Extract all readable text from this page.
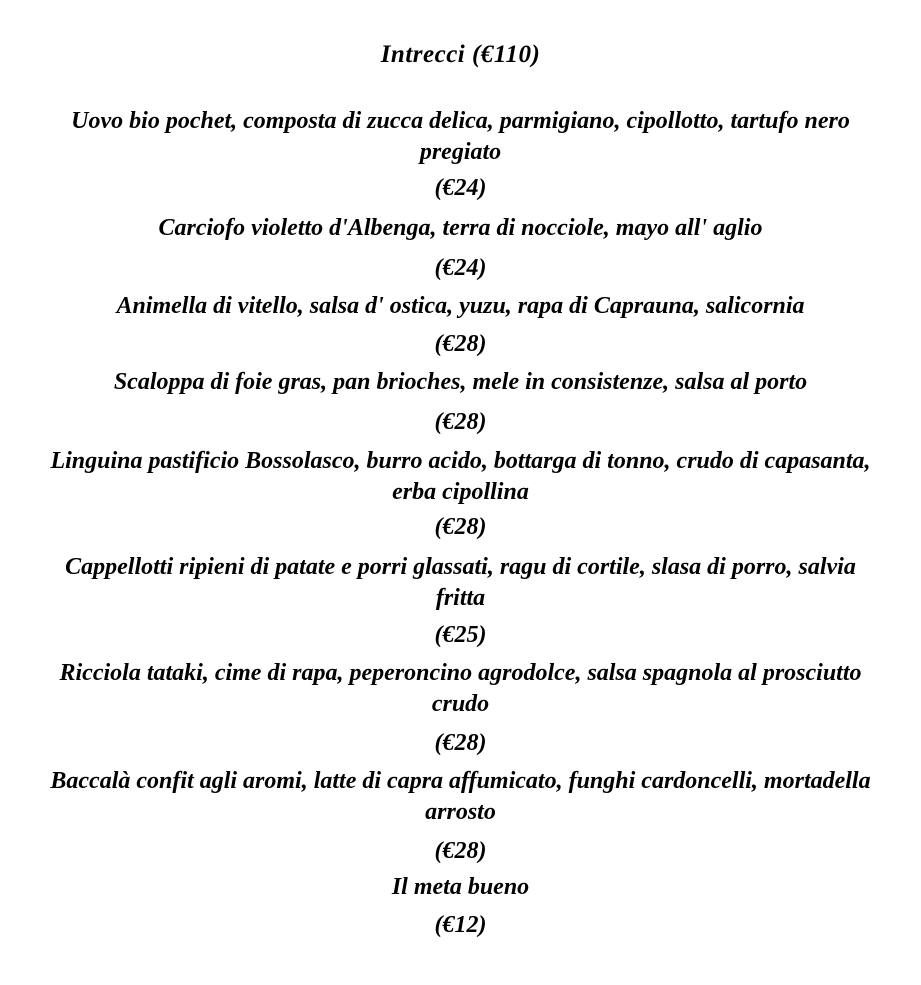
Intrecci (€110)
Uovo bio pochet, composta di zucca delica, parmigiano, cipollotto, tartufo nero pregiato
(€24)
Carciofo violetto d'Albenga, terra di nocciole, mayo all' aglio
(€24)
Animella di vitello, salsa d' ostica, yuzu, rapa di Caprauna, salicornia
(€28)
Scaloppa di foie gras, pan brioches, mele in consistenze, salsa al porto
(€28)
Linguina pastificio Bossolasco, burro acido, bottarga di tonno, crudo di capasanta, erba cipollina
(€28)
Cappellotti ripieni di patate e porri glassati, ragu di cortile, slasa di porro, salvia fritta
(€25)
Ricciola tataki, cime di rapa, peperoncino agrodolce, salsa spagnola al prosciutto crudo
(€28)
Baccalà confit agli aromi, latte di capra affumicato, funghi cardoncelli, mortadella arrosto
(€28)
Il meta bueno
(€12)
